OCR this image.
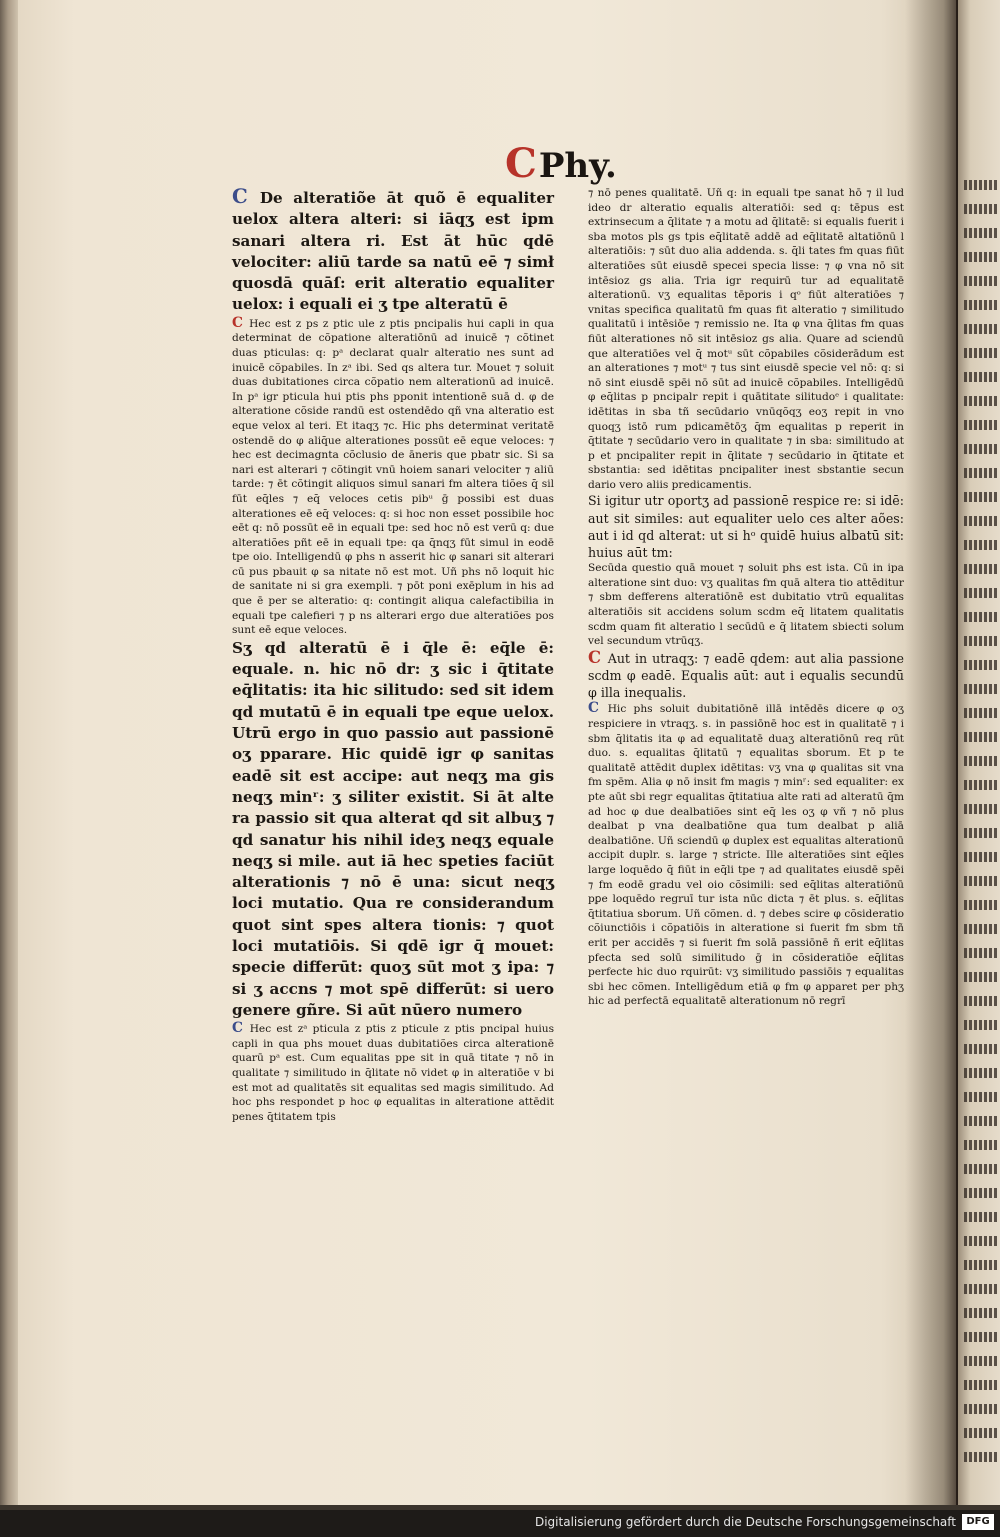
CPhy.

C De alteratiõe āt quõ ē equaliter uelox altera alteri: si iāqʒ est ipm sanari altera ri. Est āt hūc qdē velociter: aliū tarde sa natū eē ⁊ simł quosdā quāſ: erit alteratio equaliter uelox: i equali ei ʒ tpe alteratū ē

C Hec est z ps z ptic ule z ptis pncipalis hui capli in qua determinat de cõpatione alteratiōnū ad inuicē ⁊ cõtinet duas pticulas: q: pᵃ declarat qualr alteratio nes sunt ad inuicē cõpabiles. In zᵃ ibi. Sed qs altera tur. Mouet ⁊ soluit duas dubitationes circa cõpatio nem alterationū ad inuicē. In pᵃ igr pticula hui ptis phs pponit intentionē suā d. φ de alteratione cõside randū est ostendēdo qñ vna alteratio est eque velox al teri. Et itaqʒ ⁊c. Hic phs determinat veritatē ostendē do φ aliq̄ue alterationes possūt eē eque veloces: ⁊ hec est decimagnta cõclusio de āneris que pbatr sic. Si sa nari est alterari ⁊ cõtingit vnū hoiem sanari velociter ⁊ aliū tarde: ⁊ ēt cõtingit aliquos simul sanari fm altera tiões q̄ sil fūt eq̄les ⁊ eq̄ veloces cetis pibᵘ ḡ possibi est duas alterationes eē eq̄ veloces: q: si hoc non esset possibile hoc eēt q: nō possūt eē in equali tpe: sed hoc nō est verū q: due alteratiões pñt eē in equali tpe: qa q̄nqʒ fūt simul in eodē tpe oio. Intelligendū φ phs n asserit hic φ sanari sit alterari cū pus pbauit φ sa nitate nō est mot. Uñ phs nō loquit hic de sanitate ni si gra exempli. ⁊ pōt poni exēplum in his ad que ē per se alteratio: q: contingit aliqua calefactibilia in equali tpe calefieri ⁊ p ns alterari ergo due alteratiões pos sunt eē eque veloces.

Sʒ qd alteratū ē i q̄le ē: eq̄le ē: equale. n. hic nō dr: ʒ sic i q̄titate eq̄litatis: ita hic silitudo: sed sit idem qd mutatū ē in equali tpe eque uelox. Utrū ergo in quo passio aut passionē oʒ pparare. Hic quidē igr φ sanitas eadē sit est accipe: aut neqʒ ma gis neqʒ minʳ: ʒ siliter existit. Si āt alte ra passio sit qua alterat qd sit albuʒ ⁊ qd sanatur his nihil ideʒ neqʒ equale neqʒ si mile. aut iā hec speties faciūt alterationis ⁊ nō ē una: sicut neqʒ loci mutatio. Qua re considerandum quot sint spes altera tionis: ⁊ quot loci mutatiōis. Si qdē igr q̄ mouet: specie differūt: quoʒ sūt mot ʒ ipa: ⁊ si ʒ accns ⁊ mot spē differūt: si uero genere gñre. Si aūt nūero numero

C Hec est zᵃ pticula z ptis z pticule z ptis pncipal huius capli in qua phs mouet duas dubitatiões circa alterationē quarū pᵃ est. Cum equalitas ppe sit in quā titate ⁊ nō in qualitate ⁊ similitudo in q̄litate nō videt φ in alteratiōe v bi est mot ad qualitatēs sit equalitas sed magis similitudo. Ad hoc phs respondet p hoc φ equalitas in alteratione attēdit penes q̄titatem tpis

⁊ nō penes qualitatē. Uñ q: in equali tpe sanat hō ⁊ il lud ideo dr alteratio equalis alteratiōi: sed q: tēpus est extrinsecum a q̄litate ⁊ a motu ad q̄litatē: si equalis fuerit i sba motos pls gs tpis eq̄litatē addē ad eq̄litatē altatiōnū l alteratiōis: ⁊ sūt duo alia addenda. s. q̄li tates fm quas fiūt alteratiōes sūt eiusdē specei specia lisse: ⁊ φ vna nō sit intēsioz gs alia. Tria igr requirū tur ad equalitatē alterationū. vʒ equalitas tēporis i qᵒ fiūt alteratiōes ⁊ vnitas specifica qualitatū fm quas fit alteratio ⁊ similitudo qualitatū i intēsiōe ⁊ remissio ne. Ita φ vna q̄litas fm quas fiūt alterationes nō sit intēsioz gs alia. Quare ad sciendū que alteratiōes vel q̄ motᵘ sūt cõpabiles cõsiderādum est an alterationes ⁊ motᵘ ⁊ tus sint eiusdē specie vel nō: q: si nō sint eiusdē spēi nō sūt ad inuicē cõpabiles. Intelligēdū φ eq̄litas p pncipalr repit i quātitate silitudoᵉ i qualitate: idētitas in sba tñ secūdario vnūqõqʒ eoʒ repit in vno quoqʒ istō rum pdicamētōʒ q̄m equalitas p reperit in q̄titate ⁊ secūdario vero in qualitate ⁊ in sba: similitudo at p et pncipaliter repit in q̄litate ⁊ secūdario in q̄titate et sbstantia: sed idētitas pncipaliter inest sbstantie secun dario vero aliis predicamentis.

Si igitur utr oportʒ ad passionē respice re: si idē: aut sit similes: aut equaliter uelo ces alter aões: aut i id qd alterat: ut si hᵒ quidē huius albatū sit: huius aūt tm:

Secūda questio quā mouet ⁊ soluit phs est ista. Cū in ipa alteratione sint duo: vʒ qualitas fm quā altera tio attēditur ⁊ sbm defferens alteratiōnē est dubitatio vtrū equalitas alteratiōis sit accidens solum scdm eq̄ litatem qualitatis scdm quam fit alteratio l secūdū e q̄ litatem sbiecti solum vel secundum vtrūqʒ.

C Aut in utraqʒ: ⁊ eadē qdem: aut alia passione scdm φ eadē. Equalis aūt: aut i equalis secundū φ illa inequalis.

C Hic phs soluit dubitatiōnē illā intēdēs dicere φ oʒ respiciere in vtraqʒ. s. in passiōnē hoc est in qualitatē ⁊ i sbm q̄litatis ita φ ad equalitatē duaʒ alteratiōnū req rūt duo. s. equalitas q̄litatū ⁊ equalitas sborum. Et p te qualitatē attēdit duplex idētitas: vʒ vna φ qualitas sit vna fm spēm. Alia φ nō insit fm magis ⁊ minʳ: sed equaliter: ex pte aūt sbi regr equalitas q̄titatiua alte rati ad alteratū q̄m ad hoc φ due dealbatiões sint eq̄ les oʒ φ vñ ⁊ nō plus dealbat p vna dealbatiōne qua tum dealbat p aliā dealbatiōne. Uñ sciendū φ duplex est equalitas alterationū accipit duplr. s. large ⁊ stricte. Ille alteratiōes sint eq̄les large loquēdo q̄ fiūt in eq̄li tpe ⁊ ad qualitates eiusdē spēi ⁊ fm eodē gradu vel oio cõsimili: sed eq̄litas alteratiōnū pꝑe loquēdo regruī tur ista nūc dicta ⁊ ēt plus. s. eq̄litas q̄titatiua sborum. Uñ cõmen. d. ⁊ debes scire φ cõsideratio cõiunctiōis i cõpatiōis in alteratione si fuerit fm sbm tñ erit per accidēs ⁊ si fuerit fm solā passiōnē ñ erit eq̄litas pfecta sed solū similitudo ḡ in cõsideratiōe eq̄litas perfecte hic duo rquirūt: vʒ similitudo passiōis ⁊ equalitas sbi hec cõmen. Intelligēdum etiā φ fm φ apparet per phʒ hic ad perfectā equalitatē alterationum nō regrī

Digitalisierung gefördert durch die Deutsche Forschungsgemeinschaft	DFG
